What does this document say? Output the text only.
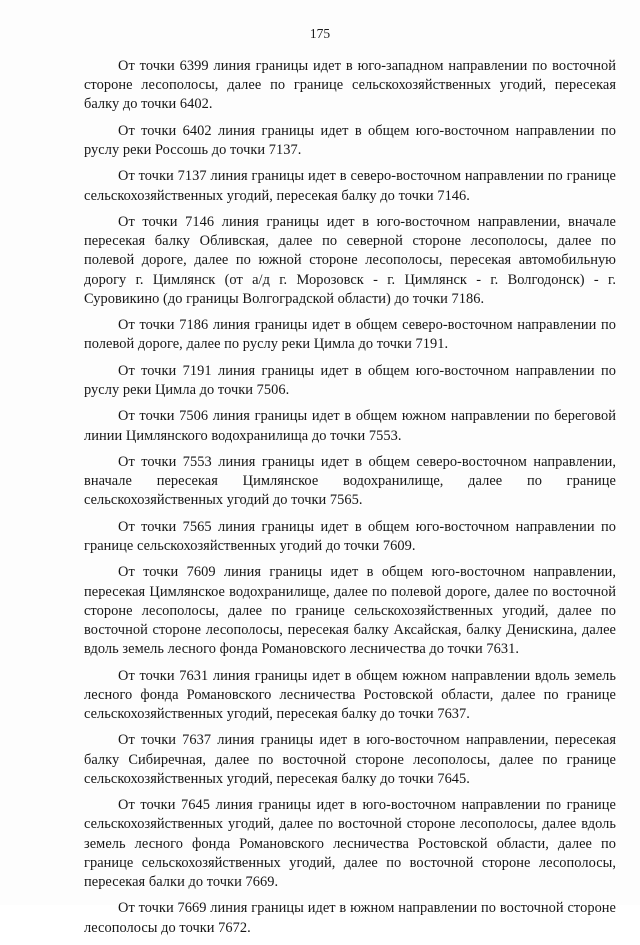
175

От точки 6399 линия границы идет в юго-западном направлении по восточной стороне лесополосы, далее по границе сельскохозяйственных угодий, пересекая балку до точки 6402.

От точки 6402 линия границы идет в общем юго-восточном направлении по руслу реки Россошь до точки 7137.

От точки 7137 линия границы идет в северо-восточном направлении по границе сельскохозяйственных угодий, пересекая балку до точки 7146.

От точки 7146 линия границы идет в юго-восточном направлении, вначале пересекая балку Обливская, далее по северной стороне лесополосы, далее по полевой дороге, далее по южной стороне лесополосы, пересекая автомобильную дорогу г. Цимлянск (от а/д г. Морозовск - г. Цимлянск - г. Волгодонск) - г. Суровикино (до границы Волгоградской области) до точки 7186.

От точки 7186 линия границы идет в общем северо-восточном направлении по полевой дороге, далее по руслу реки Цимла до точки 7191.

От точки 7191 линия границы идет в общем юго-восточном направлении по руслу реки Цимла до точки 7506.

От точки 7506 линия границы идет в общем южном направлении по береговой линии Цимлянского водохранилища до точки 7553.

От точки 7553 линия границы идет в общем северо-восточном направлении, вначале пересекая Цимлянское водохранилище, далее по границе сельскохозяйственных угодий до точки 7565.

От точки 7565 линия границы идет в общем юго-восточном направлении по границе сельскохозяйственных угодий до точки 7609.

От точки 7609 линия границы идет в общем юго-восточном направлении, пересекая Цимлянское водохранилище, далее по полевой дороге, далее по восточной стороне лесополосы, далее по границе сельскохозяйственных угодий, далее по восточной стороне лесополосы, пересекая балку Аксайская, балку Денискина, далее вдоль земель лесного фонда Романовского лесничества до точки 7631.

От точки 7631 линия границы идет в общем южном направлении вдоль земель лесного фонда Романовского лесничества Ростовской области, далее по границе сельскохозяйственных угодий, пересекая балку до точки 7637.

От точки 7637 линия границы идет в юго-восточном направлении, пересекая балку Сибиречная, далее по восточной стороне лесополосы, далее по границе сельскохозяйственных угодий, пересекая балку до точки 7645.

От точки 7645 линия границы идет в юго-восточном направлении по границе сельскохозяйственных угодий, далее по восточной стороне лесополосы, далее вдоль земель лесного фонда Романовского лесничества Ростовской области, далее по границе сельскохозяйственных угодий, далее по восточной стороне лесополосы, пересекая балки до точки 7669.

От точки 7669 линия границы идет в южном направлении по восточной стороне лесополосы до точки 7672.
